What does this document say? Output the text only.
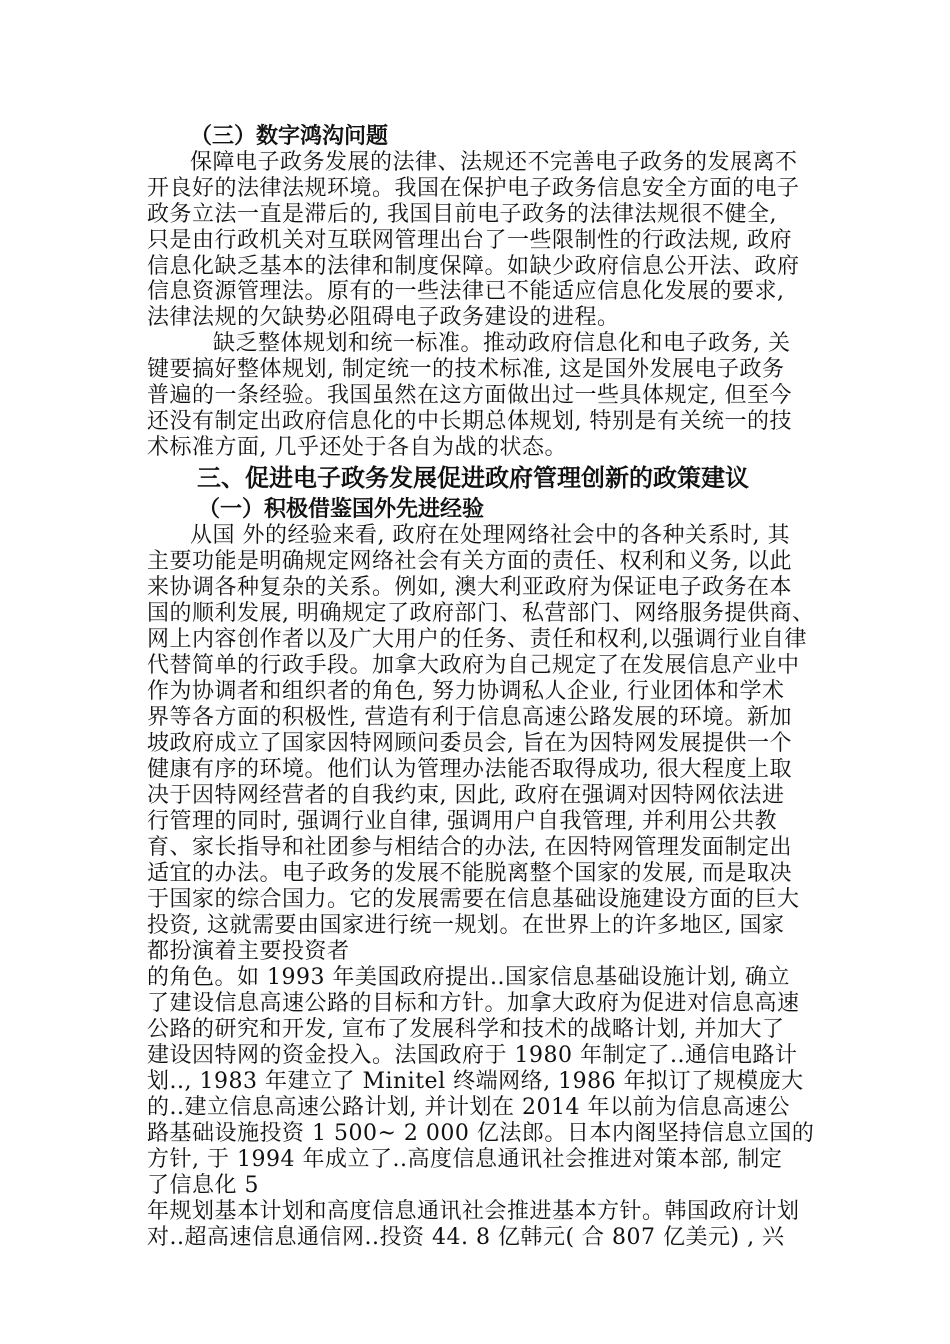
（三）数字鸿沟问题
保障电子政务发展的法律、法规还不完善电子政务的发展离不
开良好的法律法规环境。我国在保护电子政务信息安全方面的电子
政务立法一直是滞后的, 我国目前电子政务的法律法规很不健全,
只是由行政机关对互联网管理出台了一些限制性的行政法规, 政府
信息化缺乏基本的法律和制度保障。如缺少政府信息公开法、政府
信息资源管理法。原有的一些法律已不能适应信息化发展的要求,
法律法规的欠缺势必阻碍电子政务建设的进程。
缺乏整体规划和统一标准。推动政府信息化和电子政务, 关
键要搞好整体规划, 制定统一的技术标准, 这是国外发展电子政务
普遍的一条经验。我国虽然在这方面做出过一些具体规定, 但至今
还没有制定出政府信息化的中长期总体规划, 特别是有关统一的技
术标准方面, 几乎还处于各自为战的状态。
三、促进电子政务发展促进政府管理创新的政策建议
（一）积极借鉴国外先进经验
从国 外的经验来看, 政府在处理网络社会中的各种关系时, 其
主要功能是明确规定网络社会有关方面的责任、权利和义务, 以此
来协调各种复杂的关系。例如, 澳大利亚政府为保证电子政务在本
国的顺利发展, 明确规定了政府部门、私营部门、网络服务提供商、
网上内容创作者以及广大用户的任务、责任和权利,以强调行业自律
代替简单的行政手段。加拿大政府为自己规定了在发展信息产业中
作为协调者和组织者的角色, 努力协调私人企业, 行业团体和学术
界等各方面的积极性, 营造有利于信息高速公路发展的环境。新加
坡政府成立了国家因特网顾问委员会, 旨在为因特网发展提供一个
健康有序的环境。他们认为管理办法能否取得成功, 很大程度上取
决于因特网经营者的自我约束, 因此, 政府在强调对因特网依法进
行管理的同时, 强调行业自律, 强调用户自我管理, 并利用公共教
育、家长指导和社团参与相结合的办法, 在因特网管理发面制定出
适宜的办法。电子政务的发展不能脱离整个国家的发展, 而是取决
于国家的综合国力。它的发展需要在信息基础设施建设方面的巨大
投资, 这就需要由国家进行统一规划。在世界上的许多地区, 国家
都扮演着主要投资者
的角色。如 1993 年美国政府提出..国家信息基础设施计划, 确立
了建设信息高速公路的目标和方针。加拿大政府为促进对信息高速
公路的研究和开发, 宣布了发展科学和技术的战略计划, 并加大了
建设因特网的资金投入。法国政府于 1980 年制定了..通信电路计
划.., 1983 年建立了 Minitel 终端网络, 1986 年拟订了规模庞大
的..建立信息高速公路计划, 并计划在 2014 年以前为信息高速公
路基础设施投资 1 500~ 2 000 亿法郎。日本内阁坚持信息立国的
方针, 于 1994 年成立了..高度信息通讯社会推进对策本部, 制定
了信息化 5
年规划基本计划和高度信息通讯社会推进基本方针。韩国政府计划
对..超高速信息通信网..投资 44. 8 亿韩元( 合 807 亿美元) , 兴
